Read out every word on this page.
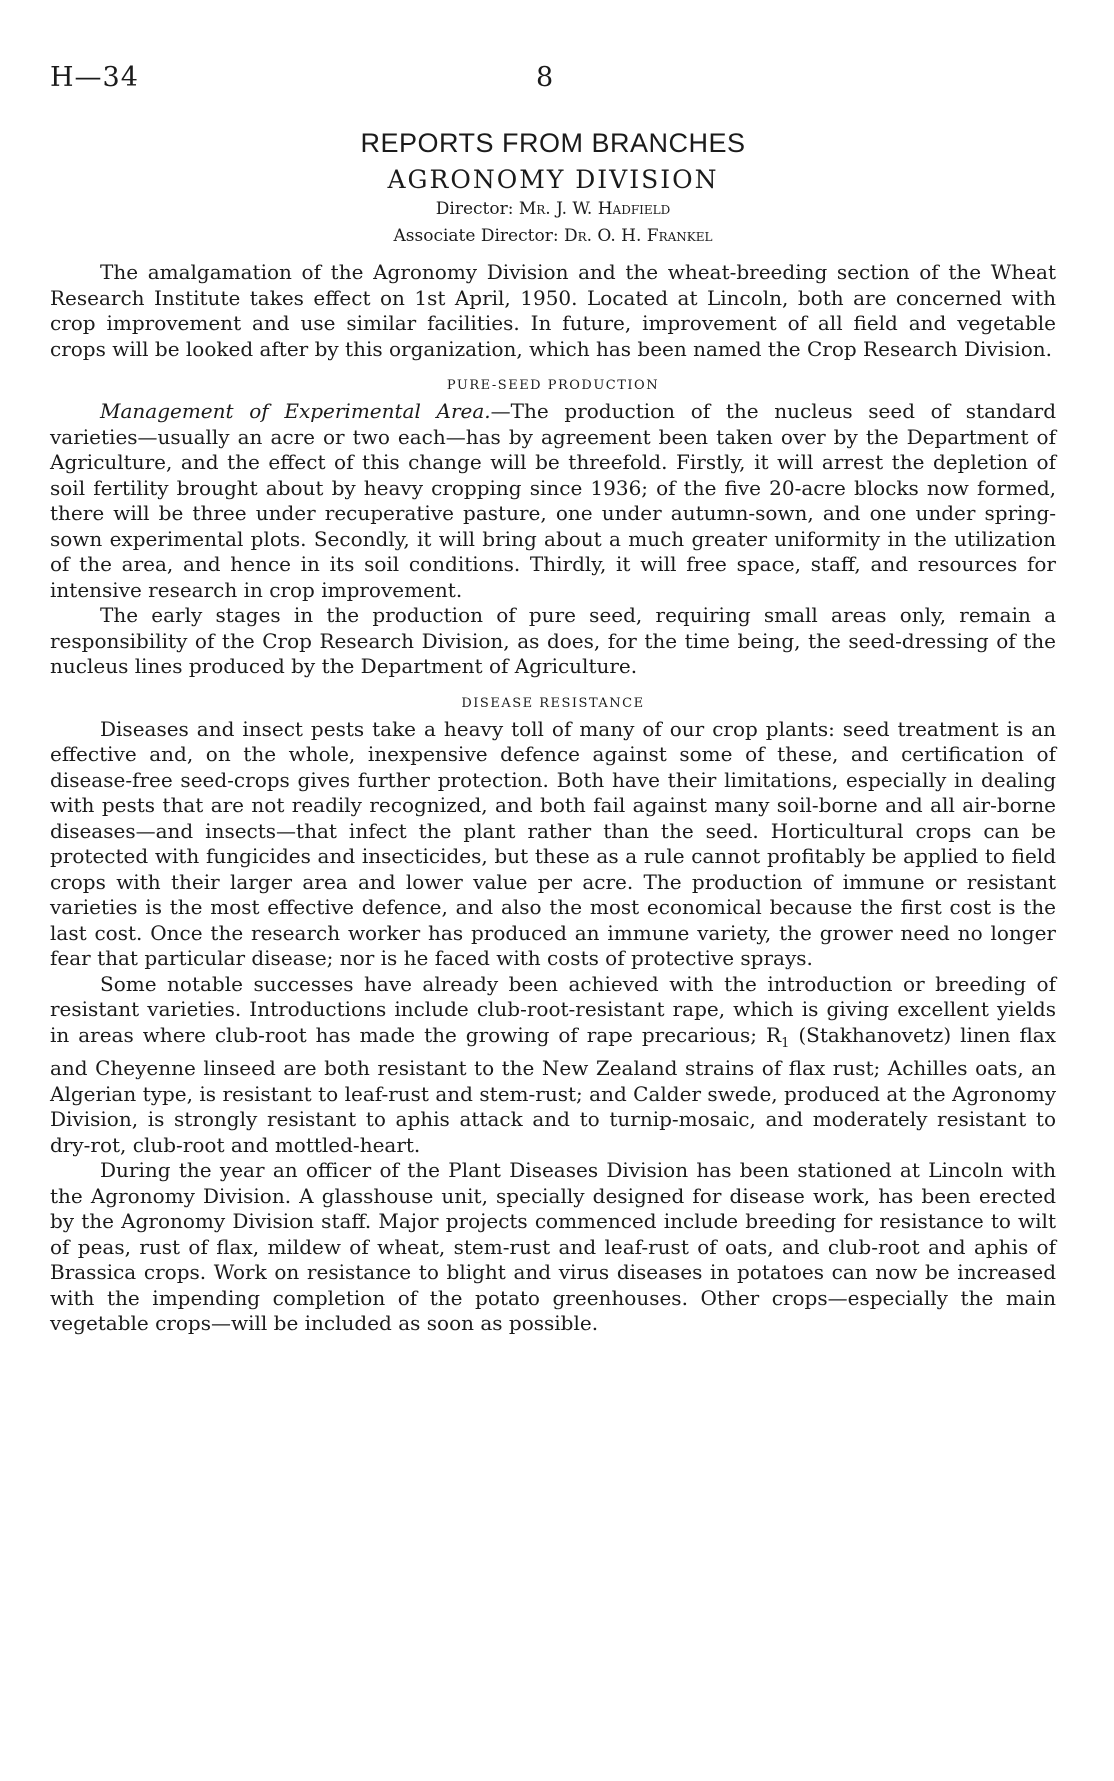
H—34	8
REPORTS FROM BRANCHES
AGRONOMY DIVISION
Director: Mr. J. W. Hadfield
Associate Director: Dr. O. H. Frankel

The amalgamation of the Agronomy Division and the wheat-breeding section of the Wheat Research Institute takes effect on 1st April, 1950. Located at Lincoln, both are concerned with crop improvement and use similar facilities. In future, improvement of all field and vegetable crops will be looked after by this organization, which has been named the Crop Research Division.

PURE-SEED PRODUCTION

Management of Experimental Area.—The production of the nucleus seed of standard varieties—usually an acre or two each—has by agreement been taken over by the Department of Agriculture, and the effect of this change will be threefold. Firstly, it will arrest the depletion of soil fertility brought about by heavy cropping since 1936; of the five 20-acre blocks now formed, there will be three under recuperative pasture, one under autumn-sown, and one under spring-sown experimental plots. Secondly, it will bring about a much greater uniformity in the utilization of the area, and hence in its soil conditions. Thirdly, it will free space, staff, and resources for intensive research in crop improvement.

The early stages in the production of pure seed, requiring small areas only, remain a responsibility of the Crop Research Division, as does, for the time being, the seed-dressing of the nucleus lines produced by the Department of Agriculture.

DISEASE RESISTANCE

Diseases and insect pests take a heavy toll of many of our crop plants: seed treatment is an effective and, on the whole, inexpensive defence against some of these, and certification of disease-free seed-crops gives further protection. Both have their limitations, especially in dealing with pests that are not readily recognized, and both fail against many soil-borne and all air-borne diseases—and insects—that infect the plant rather than the seed. Horticultural crops can be protected with fungicides and insecticides, but these as a rule cannot profitably be applied to field crops with their larger area and lower value per acre. The production of immune or resistant varieties is the most effective defence, and also the most economical because the first cost is the last cost. Once the research worker has produced an immune variety, the grower need no longer fear that particular disease; nor is he faced with costs of protective sprays.

Some notable successes have already been achieved with the introduction or breeding of resistant varieties. Introductions include club-root-resistant rape, which is giving excellent yields in areas where club-root has made the growing of rape precarious; $R_1$ (Stakhanovetz) linen flax and Cheyenne linseed are both resistant to the New Zealand strains of flax rust; Achilles oats, an Algerian type, is resistant to leaf-rust and stem-rust; and Calder swede, produced at the Agronomy Division, is strongly resistant to aphis attack and to turnip-mosaic, and moderately resistant to dry-rot, club-root and mottled-heart.

During the year an officer of the Plant Diseases Division has been stationed at Lincoln with the Agronomy Division. A glasshouse unit, specially designed for disease work, has been erected by the Agronomy Division staff. Major projects commenced include breeding for resistance to wilt of peas, rust of flax, mildew of wheat, stem-rust and leaf-rust of oats, and club-root and aphis of Brassica crops. Work on resistance to blight and virus diseases in potatoes can now be increased with the impending completion of the potato greenhouses. Other crops—especially the main vegetable crops—will be included as soon as possible.
